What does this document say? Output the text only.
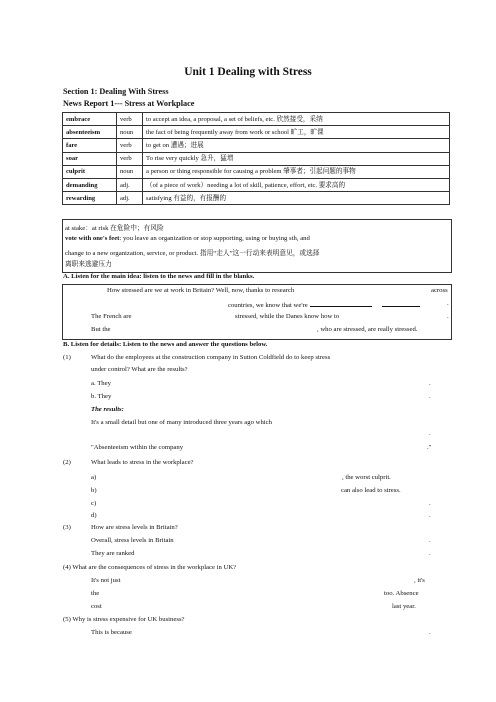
Unit 1 Dealing with Stress
Section 1: Dealing With Stress
News Report 1--- Stress at Workplace
embrace	verb	to accept an idea, a proposal, a set of beliefs, etc. 欣然接受，采纳
absenteeism	noun	the fact of being frequently away from work or school 旷工，旷课
fare	verb	to get on 遭遇；进展
soar	verb	To rise very quickly 急升，猛增
culprit	noun	a person or thing responsible for causing a problem 肇事者；引起问题的事物
demanding	adj.	（of a piece of work）needing a lot of skill, patience, effort, etc. 要求高的
rewarding	adj.	satisfying 有益的，有报酬的
at stake：at risk 在危险中；有风险
vote with one's feet: you leave an organization or stop supporting, using or buying sth, and
change to a new organization, service, or product. 指用“走人”这一行动来表明意见，或选择
离职来逃避压力
A. Listen for the main idea: listen to the news and fill in the blanks.
How stressed are we at work in Britain? Well, now, thanks to research	across
countries, we know that we're	.
The French are	stressed, while the Danes know how to	.
But the	, who are stressed, are really stressed.
B. Listen for details: Listen to the news and answer the questions below.
(1)	What do the employees at the construction company in Sutton Coldfield do to keep stress
under control? What are the results?
a. They	.
b. They	.
The results:
It's a small detail but one of many introduced three years ago which
.
"Absenteeism within the company	."
(2)	What leads to stress in the workplace?
a)	, the worst culprit.
b)	can also lead to stress.
c)	.
d)	.
(3)	How are stress levels in Britain?
Overall, stress levels in Britain	.
They are ranked	.
(4) What are the consequences of stress in the workplace in UK?
It's not just	, it's
the	too. Absence
cost	last year.
(5) Why is stress expensive for UK business?
This is because	.
